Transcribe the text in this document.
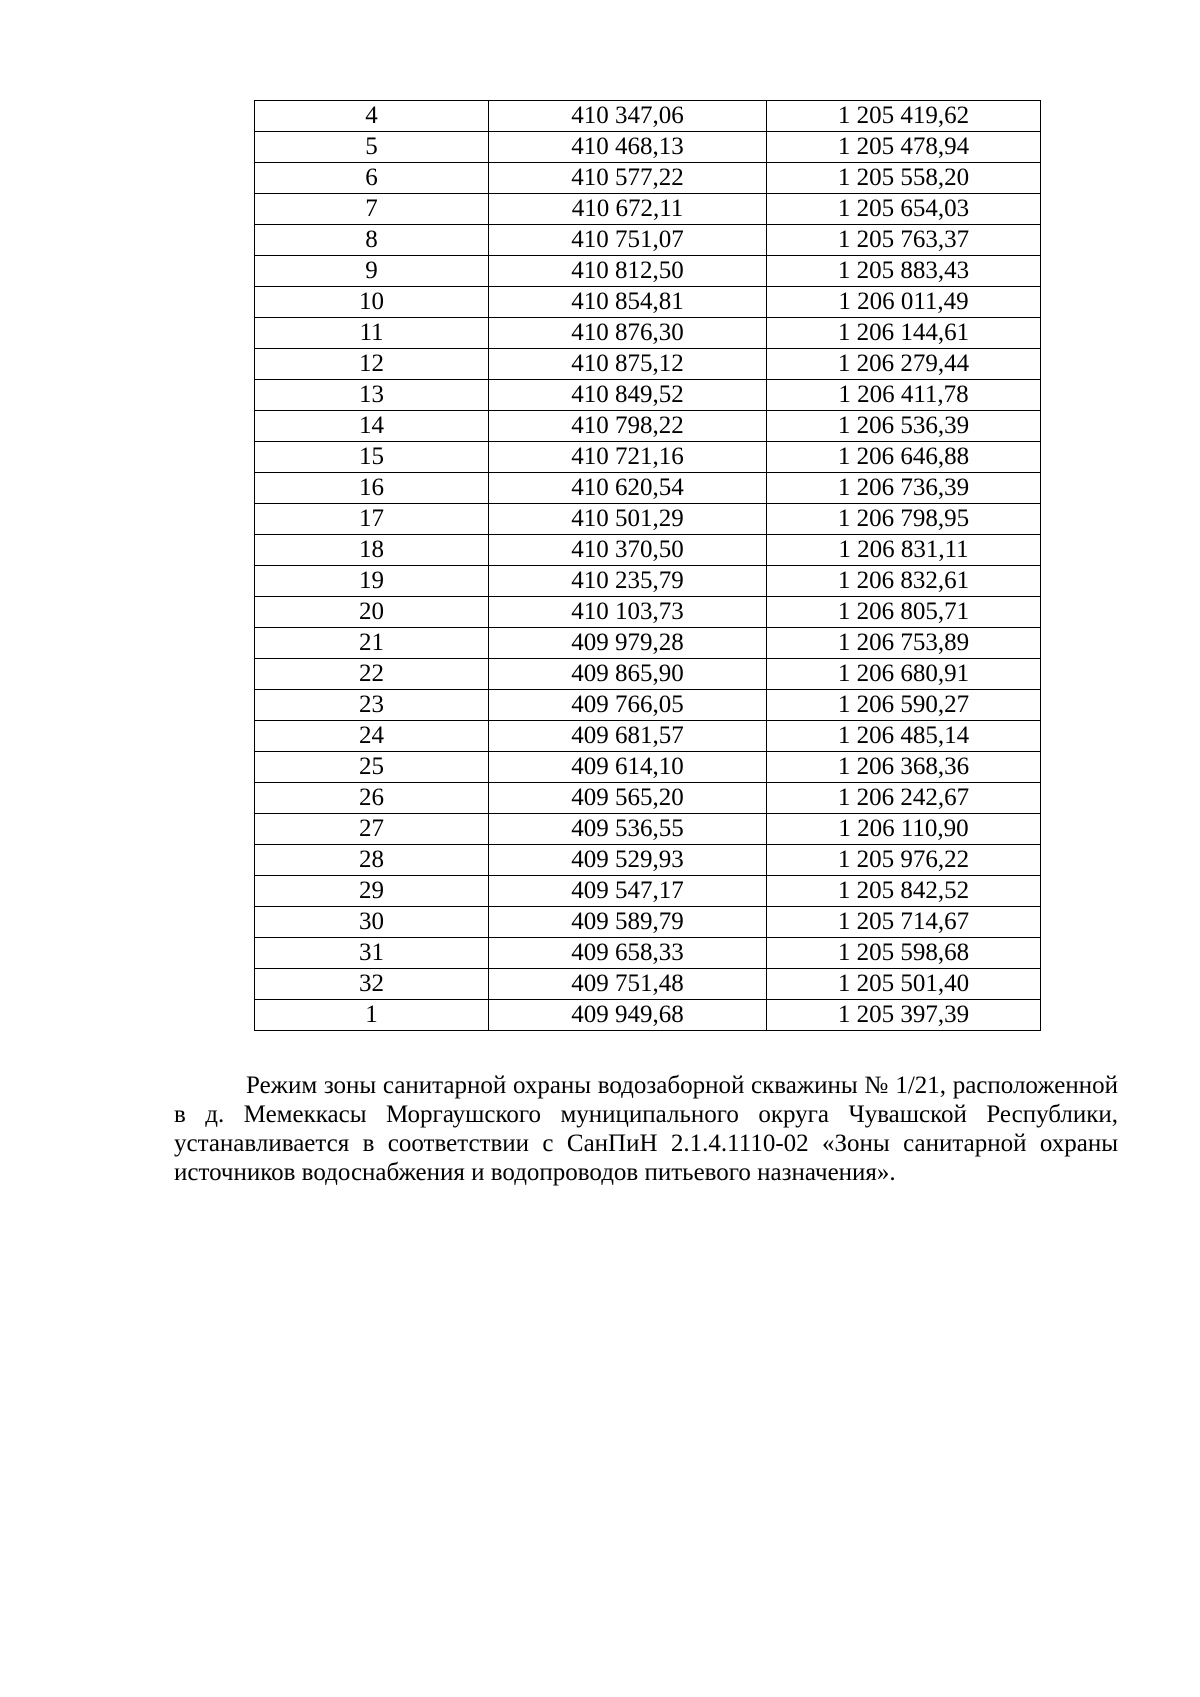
4	410 347,06	1 205 419,62
5	410 468,13	1 205 478,94
6	410 577,22	1 205 558,20
7	410 672,11	1 205 654,03
8	410 751,07	1 205 763,37
9	410 812,50	1 205 883,43
10	410 854,81	1 206 011,49
11	410 876,30	1 206 144,61
12	410 875,12	1 206 279,44
13	410 849,52	1 206 411,78
14	410 798,22	1 206 536,39
15	410 721,16	1 206 646,88
16	410 620,54	1 206 736,39
17	410 501,29	1 206 798,95
18	410 370,50	1 206 831,11
19	410 235,79	1 206 832,61
20	410 103,73	1 206 805,71
21	409 979,28	1 206 753,89
22	409 865,90	1 206 680,91
23	409 766,05	1 206 590,27
24	409 681,57	1 206 485,14
25	409 614,10	1 206 368,36
26	409 565,20	1 206 242,67
27	409 536,55	1 206 110,90
28	409 529,93	1 205 976,22
29	409 547,17	1 205 842,52
30	409 589,79	1 205 714,67
31	409 658,33	1 205 598,68
32	409 751,48	1 205 501,40
1	409 949,68	1 205 397,39

Режим зоны санитарной охраны водозаборной скважины № 1/21, расположенной в д. Мемеккасы Моргаушского муниципального округа Чувашской Республики, устанавливается в соответствии с СанПиН 2.1.4.1110-02 «Зоны санитарной охраны источников водоснабжения и водопроводов питьевого назначения».
